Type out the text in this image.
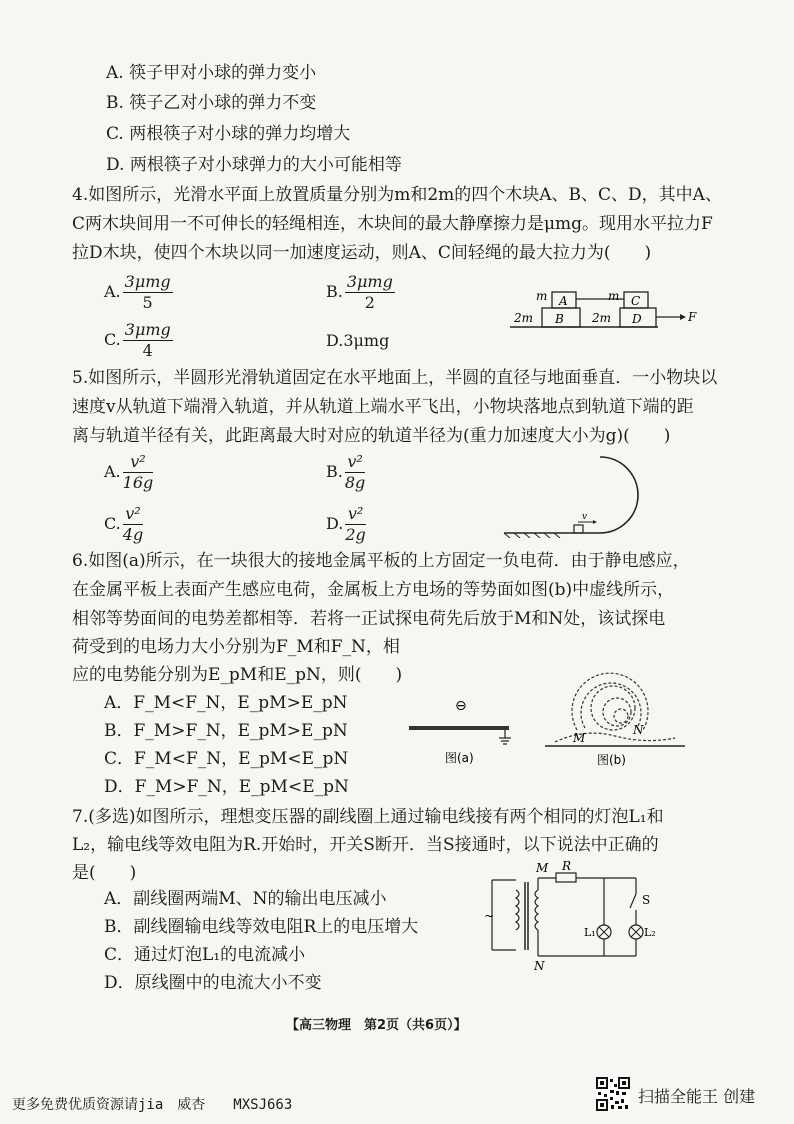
A. 筷子甲对小球的弹力变小
B. 筷子乙对小球的弹力不变
C. 两根筷子对小球的弹力均增大
D. 两根筷子对小球弹力的大小可能相等
4.如图所示，光滑水平面上放置质量分别为m和2m的四个木块A、B、C、D，其中A、
C两木块间用一不可伸长的轻绳相连，木块间的最大静摩擦力是μmg。现用水平拉力F
拉D木块，使四个木块以同一加速度运动，则A、C间轻绳的最大拉力为(　　)
A. $\frac{\text{3μmg}}{5}$	B. $\frac{\text{3μmg}}{2}$
C. $\frac{\text{3μmg}}{4}$	D.3μmg
m A	m C
2m B 2m D	F
5.如图所示，半圆形光滑轨道固定在水平地面上，半圆的直径与地面垂直．一小物块以
速度v从轨道下端滑入轨道，并从轨道上端水平飞出，小物块落地点到轨道下端的距
离与轨道半径有关，此距离最大时对应的轨道半径为(重力加速度大小为g)(　　)
A. $\frac{\text{v²}}{16g}$	B. $\frac{\text{v²}}{8g}$
C. $\frac{\text{v²}}{4g}$	D. $\frac{\text{v²}}{2g}$	v
6.如图(a)所示，在一块很大的接地金属平板的上方固定一负电荷．由于静电感应，
在金属平板上表面产生感应电荷，金属板上方电场的等势面如图(b)中虚线所示，
相邻等势面间的电势差都相等．若将一正试探电荷先后放于M和N处，该试探电
荷受到的电场力大小分别为F_M和F_N，相
应的电势能分别为E_pM和E_pN，则(　　)
A．F_M<F_N，E_pM>E_pN
B．F_M>F_N，E_pM>E_pN
C．F_M<F_N，E_pM<E_pN
D．F_M>F_N，E_pM<E_pN
⊖
图(a)
M
N
图(b)
7.(多选)如图所示，理想变压器的副线圈上通过输电线接有两个相同的灯泡L₁和
L₂，输电线等效电阻为R.开始时，开关S断开．当S接通时，以下说法中正确的
是(　　)
A．副线圈两端M、N的输出电压减小
B．副线圈输电线等效电阻R上的电压增大
C．通过灯泡L₁的电流减小
D．原线圈中的电流大小不变
~
M R
S
L₁	L₂
N
【高三物理　第2页（共6页）】
更多免费优质资源请jia　威杏　　MXSJ663	扫描全能王 创建
